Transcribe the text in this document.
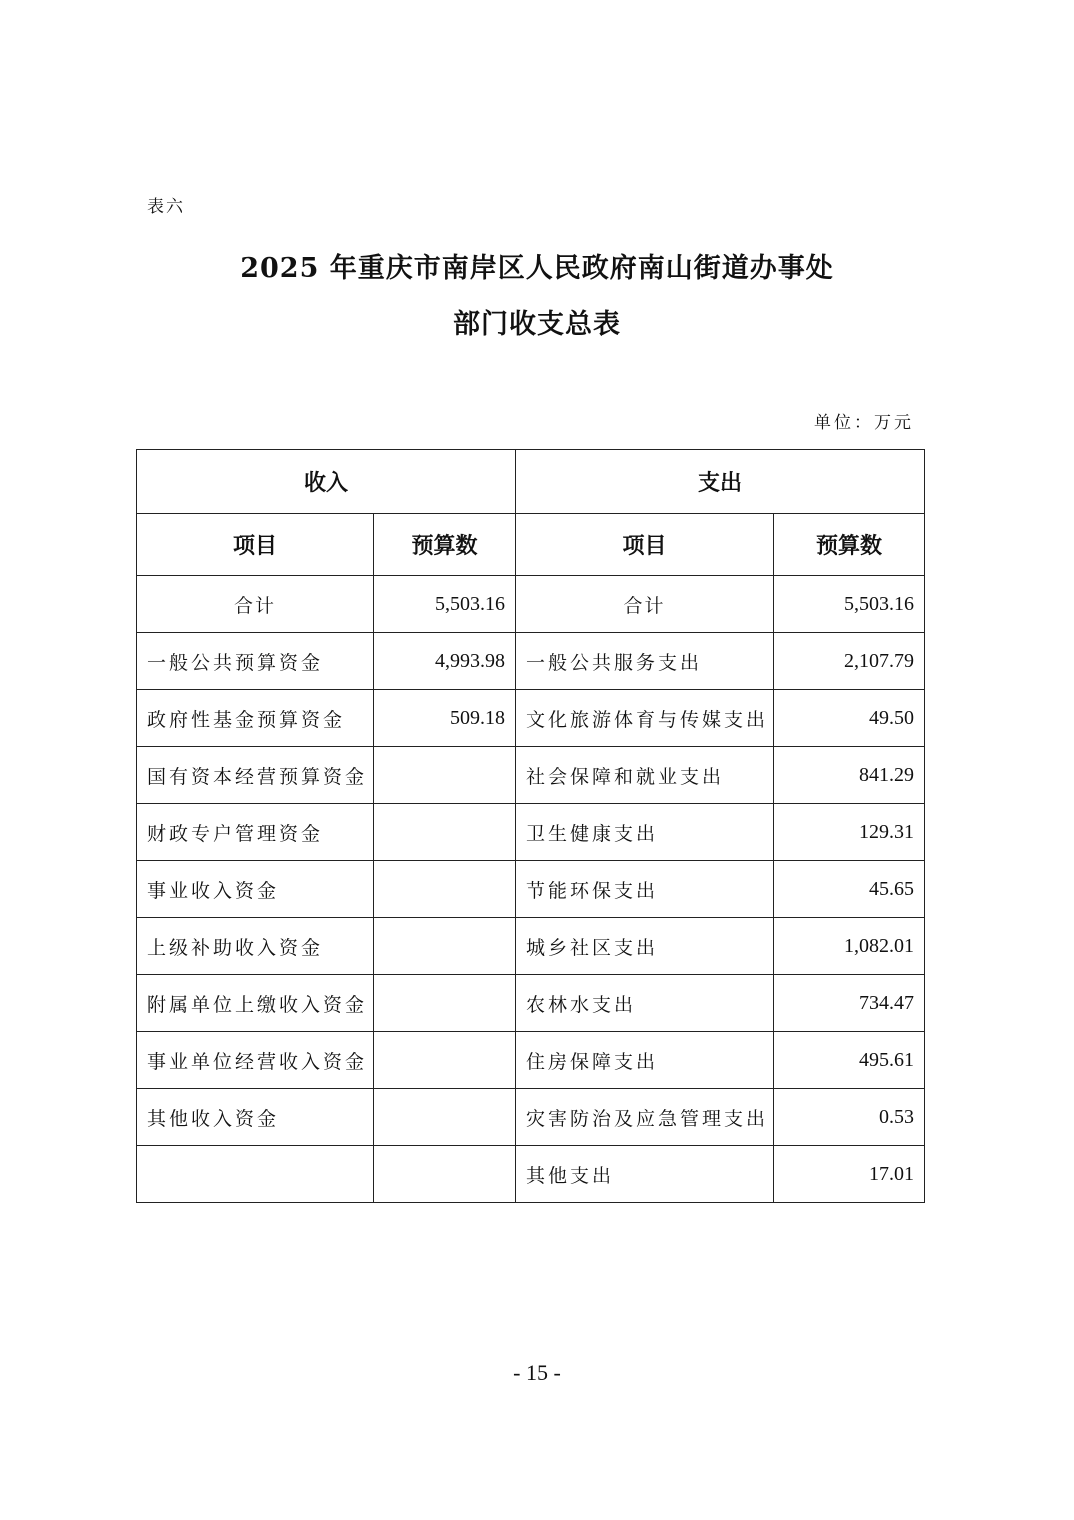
表六
2025 年重庆市南岸区人民政府南山街道办事处
部门收支总表
单位：万元
收入		支出	
项目	预算数	项目	预算数
合计	5,503.16	合计	5,503.16
一般公共预算资金	4,993.98	一般公共服务支出	2,107.79
政府性基金预算资金	509.18	文化旅游体育与传媒支出	49.50
国有资本经营预算资金		社会保障和就业支出	841.29
财政专户管理资金		卫生健康支出	129.31
事业收入资金		节能环保支出	45.65
上级补助收入资金		城乡社区支出	1,082.01
附属单位上缴收入资金		农林水支出	734.47
事业单位经营收入资金		住房保障支出	495.61
其他收入资金		灾害防治及应急管理支出	0.53
		其他支出	17.01
- 15 -
